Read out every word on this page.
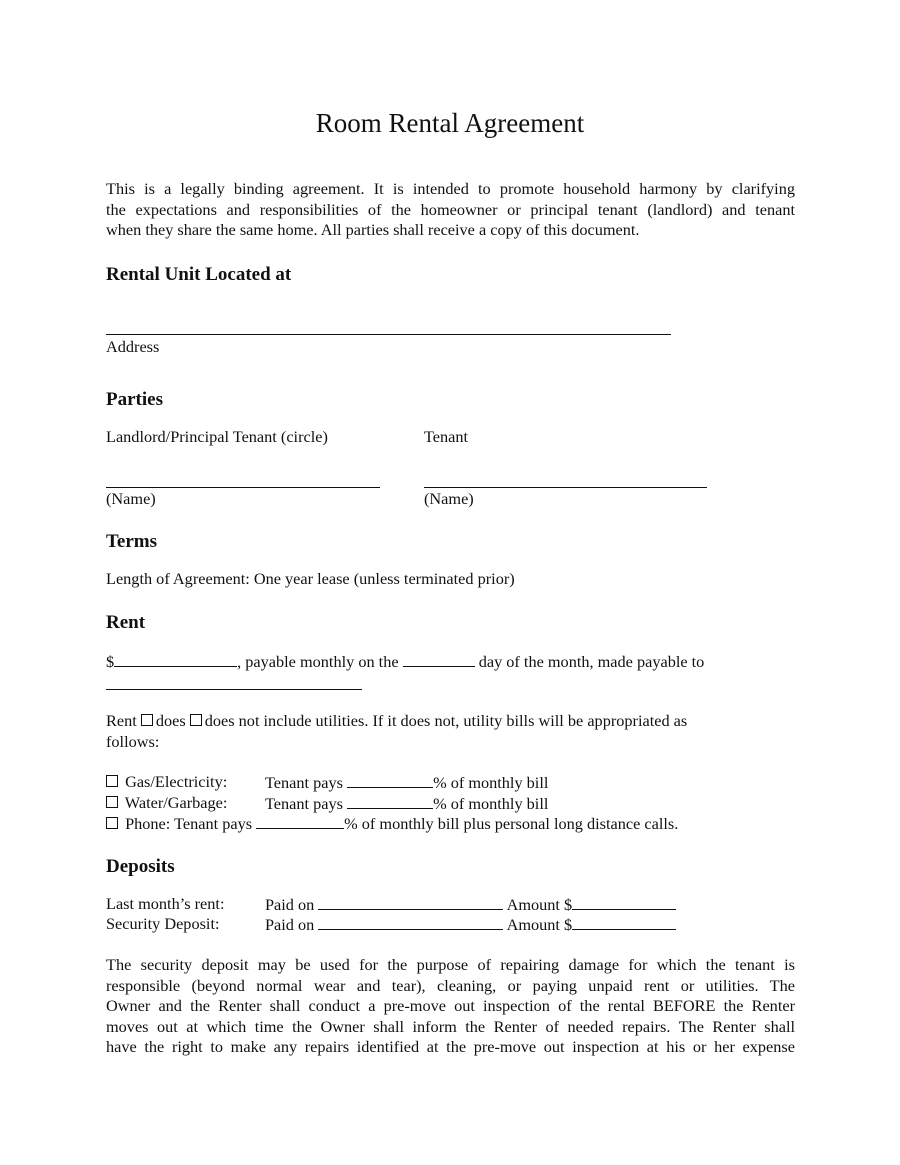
Room Rental Agreement
This is a legally binding agreement. It is intended to promote household harmony by clarifying
the expectations and responsibilities of the homeowner or principal tenant (landlord) and tenant
when they share the same home. All parties shall receive a copy of this document.
Rental Unit Located at
Address
Parties
Landlord/Principal Tenant (circle)	Tenant
(Name)	(Name)
Terms
Length of Agreement: One year lease (unless terminated prior)
Rent
$	, payable monthly on the	day of the month, made payable to
Rent does does not include utilities. If it does not, utility bills will be appropriated as
follows:
Gas/Electricity: Tenant pays	% of monthly bill
Water/Garbage: Tenant pays	% of monthly bill
Phone: Tenant pays	% of monthly bill plus personal long distance calls.
Deposits
Last month’s rent: Paid on	Amount $
Security Deposit:	Paid on	Amount $
The security deposit may be used for the purpose of repairing damage for which the tenant is
responsible (beyond normal wear and tear), cleaning, or paying unpaid rent or utilities. The
Owner and the Renter shall conduct a pre-move out inspection of the rental BEFORE the Renter
moves out at which time the Owner shall inform the Renter of needed repairs. The Renter shall
have the right to make any repairs identified at the pre-move out inspection at his or her expense
